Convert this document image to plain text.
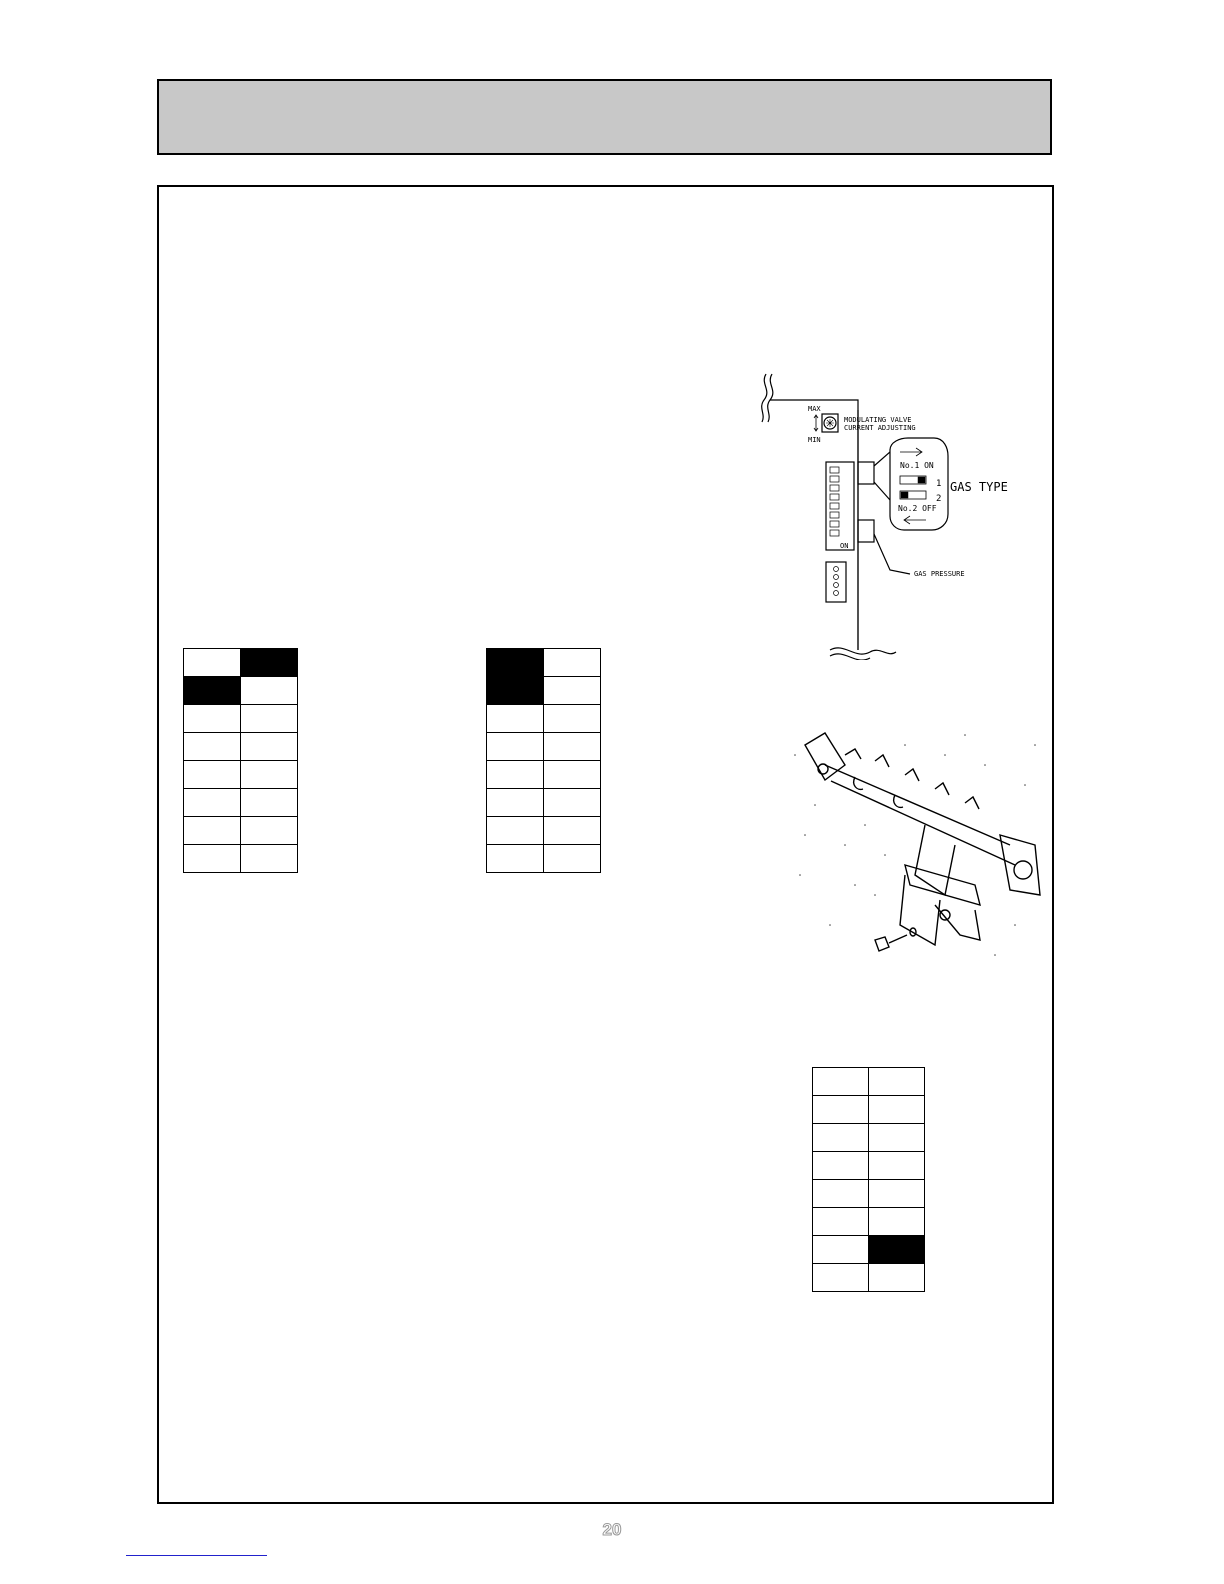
MAX
MIN
MODULATING VALVE
CURRENT ADJUSTING
No.1 ON
1
2
No.2 OFF
GAS TYPE
GAS PRESSURE
ON

20
